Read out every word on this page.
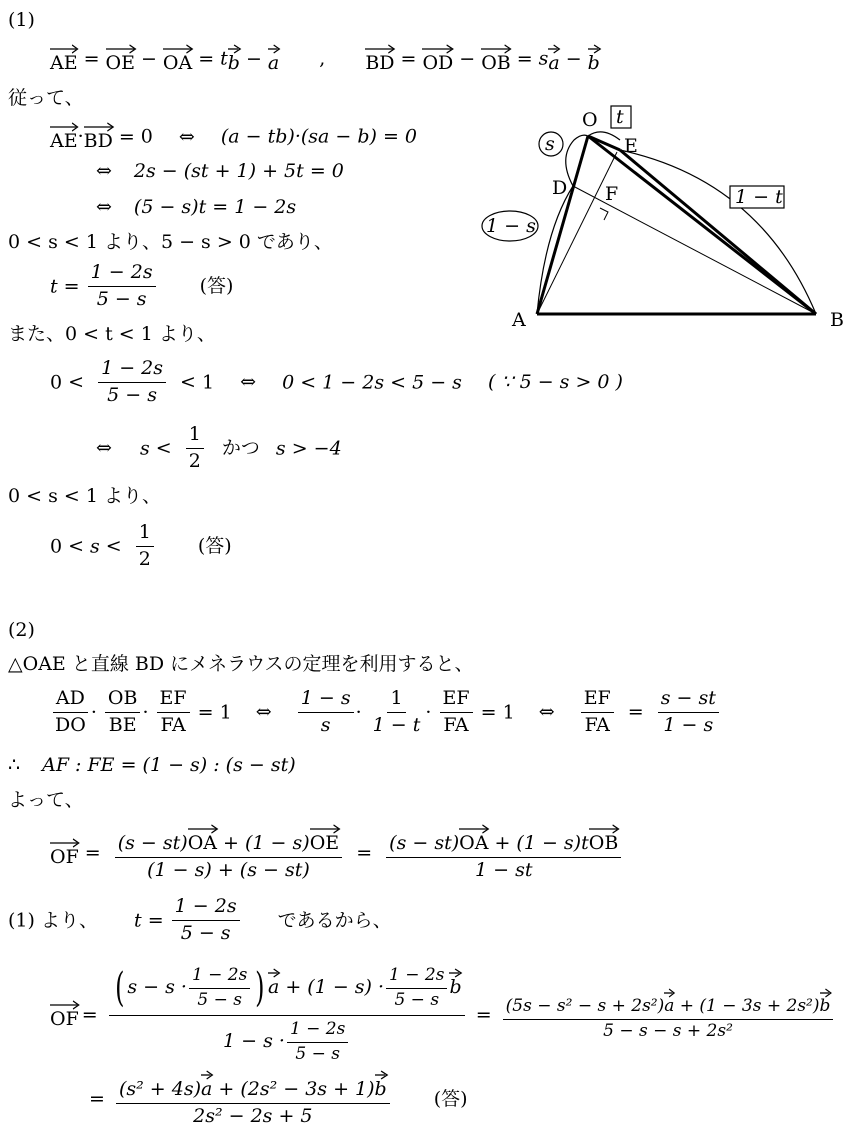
(1)
AE = OE − OA = t
b − a , BD = OD − OB = s
a − b
従って、
AE·
BD = 0 ⇔ (a − tb)·(sa − b) = 0
⇔ 2s − (st + 1) + 5t = 0
⇔ (5 − s)t = 1 − 2s
0 < s < 1 より、5 − s > 0 であり、
$t = \frac{1 - 2s}{5 - s}$ (答)
また、0 < t < 1 より、
$0 < \frac{1 - 2s}{5 - s} < 1$ ⇔ 0 < 1 − 2s < 5 − s ( ∵ 5 − s > 0 )
⇔ $s < \frac{1}{2}$ かつ s > −4
0 < s < 1 より、
$0 < s < \frac{1}{2}$ (答)
O
E
D F
A	B
t
s
1 − t
1 − s
(2)
△OAE と直線 BD にメネラウスの定理を利用すると、
$\frac{AD}{DO} \cdot \frac{OB}{BE} \cdot \frac{EF}{FA} = 1$ ⇔ $\frac{1 - s}{s} \cdot \frac{1}{1 - t} \cdot \frac{EF}{FA} = 1$ ⇔ $\frac{EF}{FA} = \frac{s - st}{1 - s}$
∴ AF : FE = (1 − s) : (s − st)
よって、
OF = (s − st)
OA + (1 − s)
OE
(1 − s) + (s − st) = (s − st)
OA + (1 − s)t
OB
1 − st
(1) より、 $t = \frac{1 - 2s}{5 - s}$ であるから、
OF = $\frac{( s - s \cdot \frac{1 - 2s}{5 - s} ) a + (1 - s) \cdot \frac{1 - 2s}{5 - s} b}{1 - s \cdot \frac{1 - 2s}{5 - s}} = (5s - s^2 - s + 2s^2)$
a + (1 − 3s + 2s²)
b
5 − s − s + 2s²
= (s² + 4s)
a + (2s² − 3s + 1)
b
2s² − 2s + 5 (答)
